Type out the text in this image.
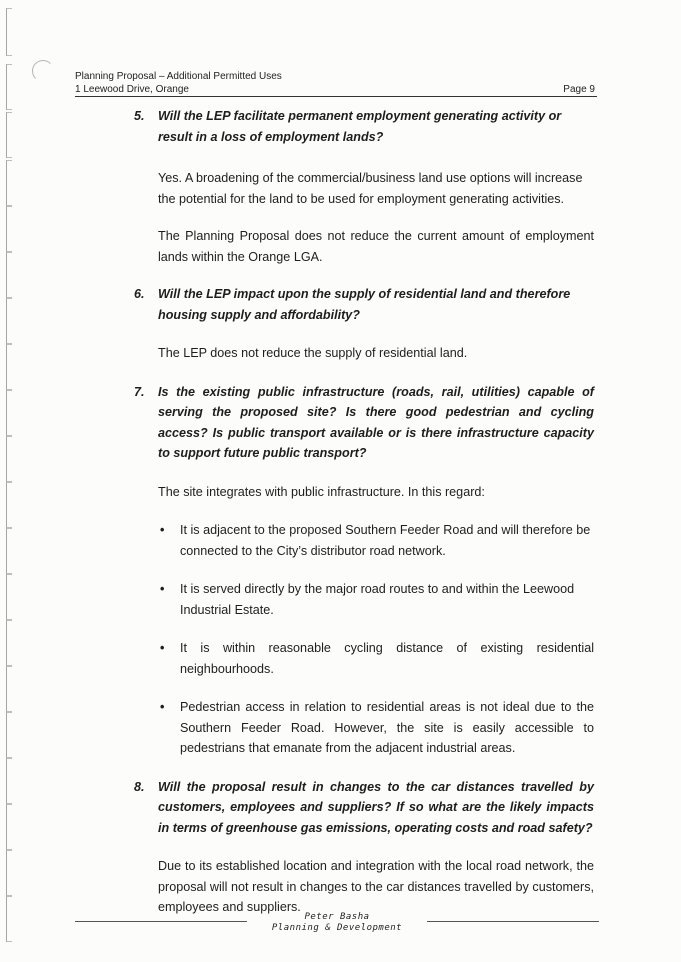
Planning Proposal – Additional Permitted Uses
1 Leewood Drive, Orange	Page 9
5. Will the LEP facilitate permanent employment generating activity or result in a loss of employment lands?

Yes. A broadening of the commercial/business land use options will increase the potential for the land to be used for employment generating activities.

The Planning Proposal does not reduce the current amount of employment lands within the Orange LGA.

6. Will the LEP impact upon the supply of residential land and therefore housing supply and affordability?

The LEP does not reduce the supply of residential land.

7. Is the existing public infrastructure (roads, rail, utilities) capable of serving the proposed site? Is there good pedestrian and cycling access? Is public transport available or is there infrastructure capacity to support future public transport?

The site integrates with public infrastructure. In this regard:

• It is adjacent to the proposed Southern Feeder Road and will therefore be connected to the City’s distributor road network.
• It is served directly by the major road routes to and within the Leewood Industrial Estate.
• It is within reasonable cycling distance of existing residential neighbourhoods.
• Pedestrian access in relation to residential areas is not ideal due to the Southern Feeder Road. However, the site is easily accessible to pedestrians that emanate from the adjacent industrial areas.
8. Will the proposal result in changes to the car distances travelled by customers, employees and suppliers? If so what are the likely impacts in terms of greenhouse gas emissions, operating costs and road safety?

Due to its established location and integration with the local road network, the proposal will not result in changes to the car distances travelled by customers, employees and suppliers.

Peter Basha
Planning & Development
